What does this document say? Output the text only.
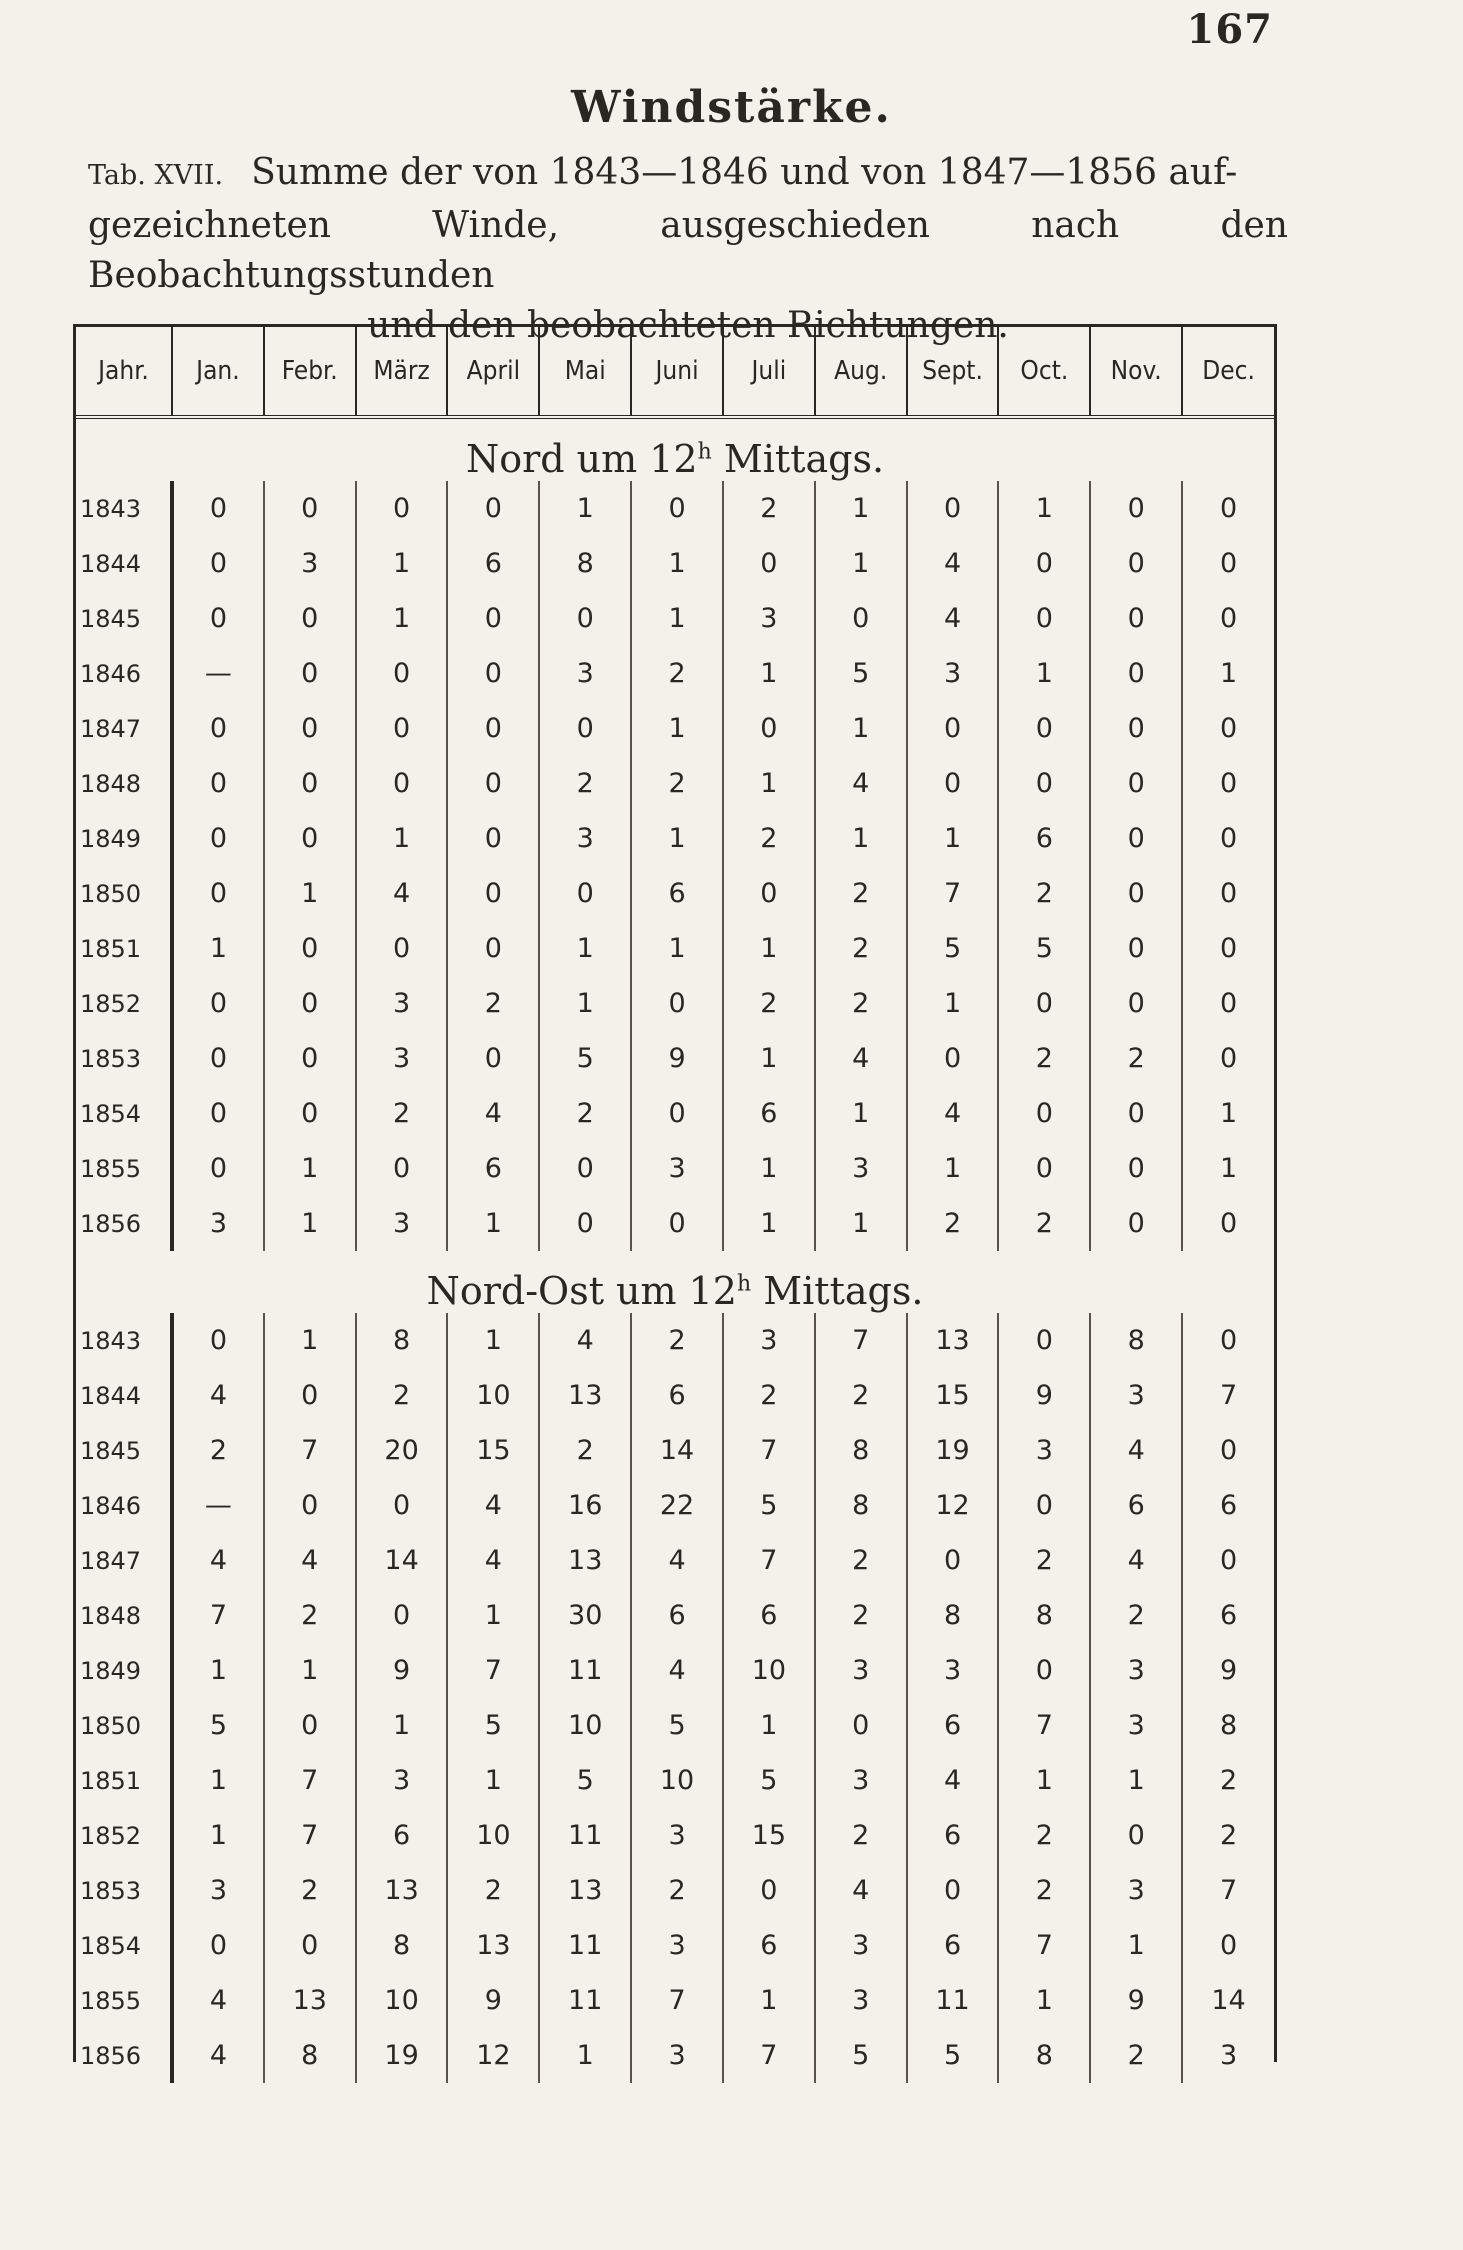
167
Windstärke.
Tab. XVII. Summe der von 1843—1846 und von 1847—1856 auf-
gezeichneten Winde, ausgeschieden nach den Beobachtungsstunden

und den beobachteten Richtungen.
Jahr.	Jan.	Febr.	März	April	Mai	Juni	Juli	Aug.	Sept.	Oct.	Nov.	Dec.
Nord um 12$^h$ Mittags.												
1843	0	0	0	0	1	0	2	1	0	1	0	0
1844	0	3	1	6	8	1	0	1	4	0	0	0
1845	0	0	1	0	0	1	3	0	4	0	0	0
1846	—	0	0	0	3	2	1	5	3	1	0	1
1847	0	0	0	0	0	1	0	1	0	0	0	0
1848	0	0	0	0	2	2	1	4	0	0	0	0
1849	0	0	1	0	3	1	2	1	1	6	0	0
1850	0	1	4	0	0	6	0	2	7	2	0	0
1851	1	0	0	0	1	1	1	2	5	5	0	0
1852	0	0	3	2	1	0	2	2	1	0	0	0
1853	0	0	3	0	5	9	1	4	0	2	2	0
1854	0	0	2	4	2	0	6	1	4	0	0	1
1855	0	1	0	6	0	3	1	3	1	0	0	1
1856	3	1	3	1	0	0	1	1	2	2	0	0
Nord-Ost um 12$^h$ Mittags.												
1843	0	1	8	1	4	2	3	7	13	0	8	0
1844	4	0	2	10	13	6	2	2	15	9	3	7
1845	2	7	20	15	2	14	7	8	19	3	4	0
1846	—	0	0	4	16	22	5	8	12	0	6	6
1847	4	4	14	4	13	4	7	2	0	2	4	0
1848	7	2	0	1	30	6	6	2	8	8	2	6
1849	1	1	9	7	11	4	10	3	3	0	3	9
1850	5	0	1	5	10	5	1	0	6	7	3	8
1851	1	7	3	1	5	10	5	3	4	1	1	2
1852	1	7	6	10	11	3	15	2	6	2	0	2
1853	3	2	13	2	13	2	0	4	0	2	3	7
1854	0	0	8	13	11	3	6	3	6	7	1	0
1855	4	13	10	9	11	7	1	3	11	1	9	14
1856	4	8	19	12	1	3	7	5	5	8	2	3
